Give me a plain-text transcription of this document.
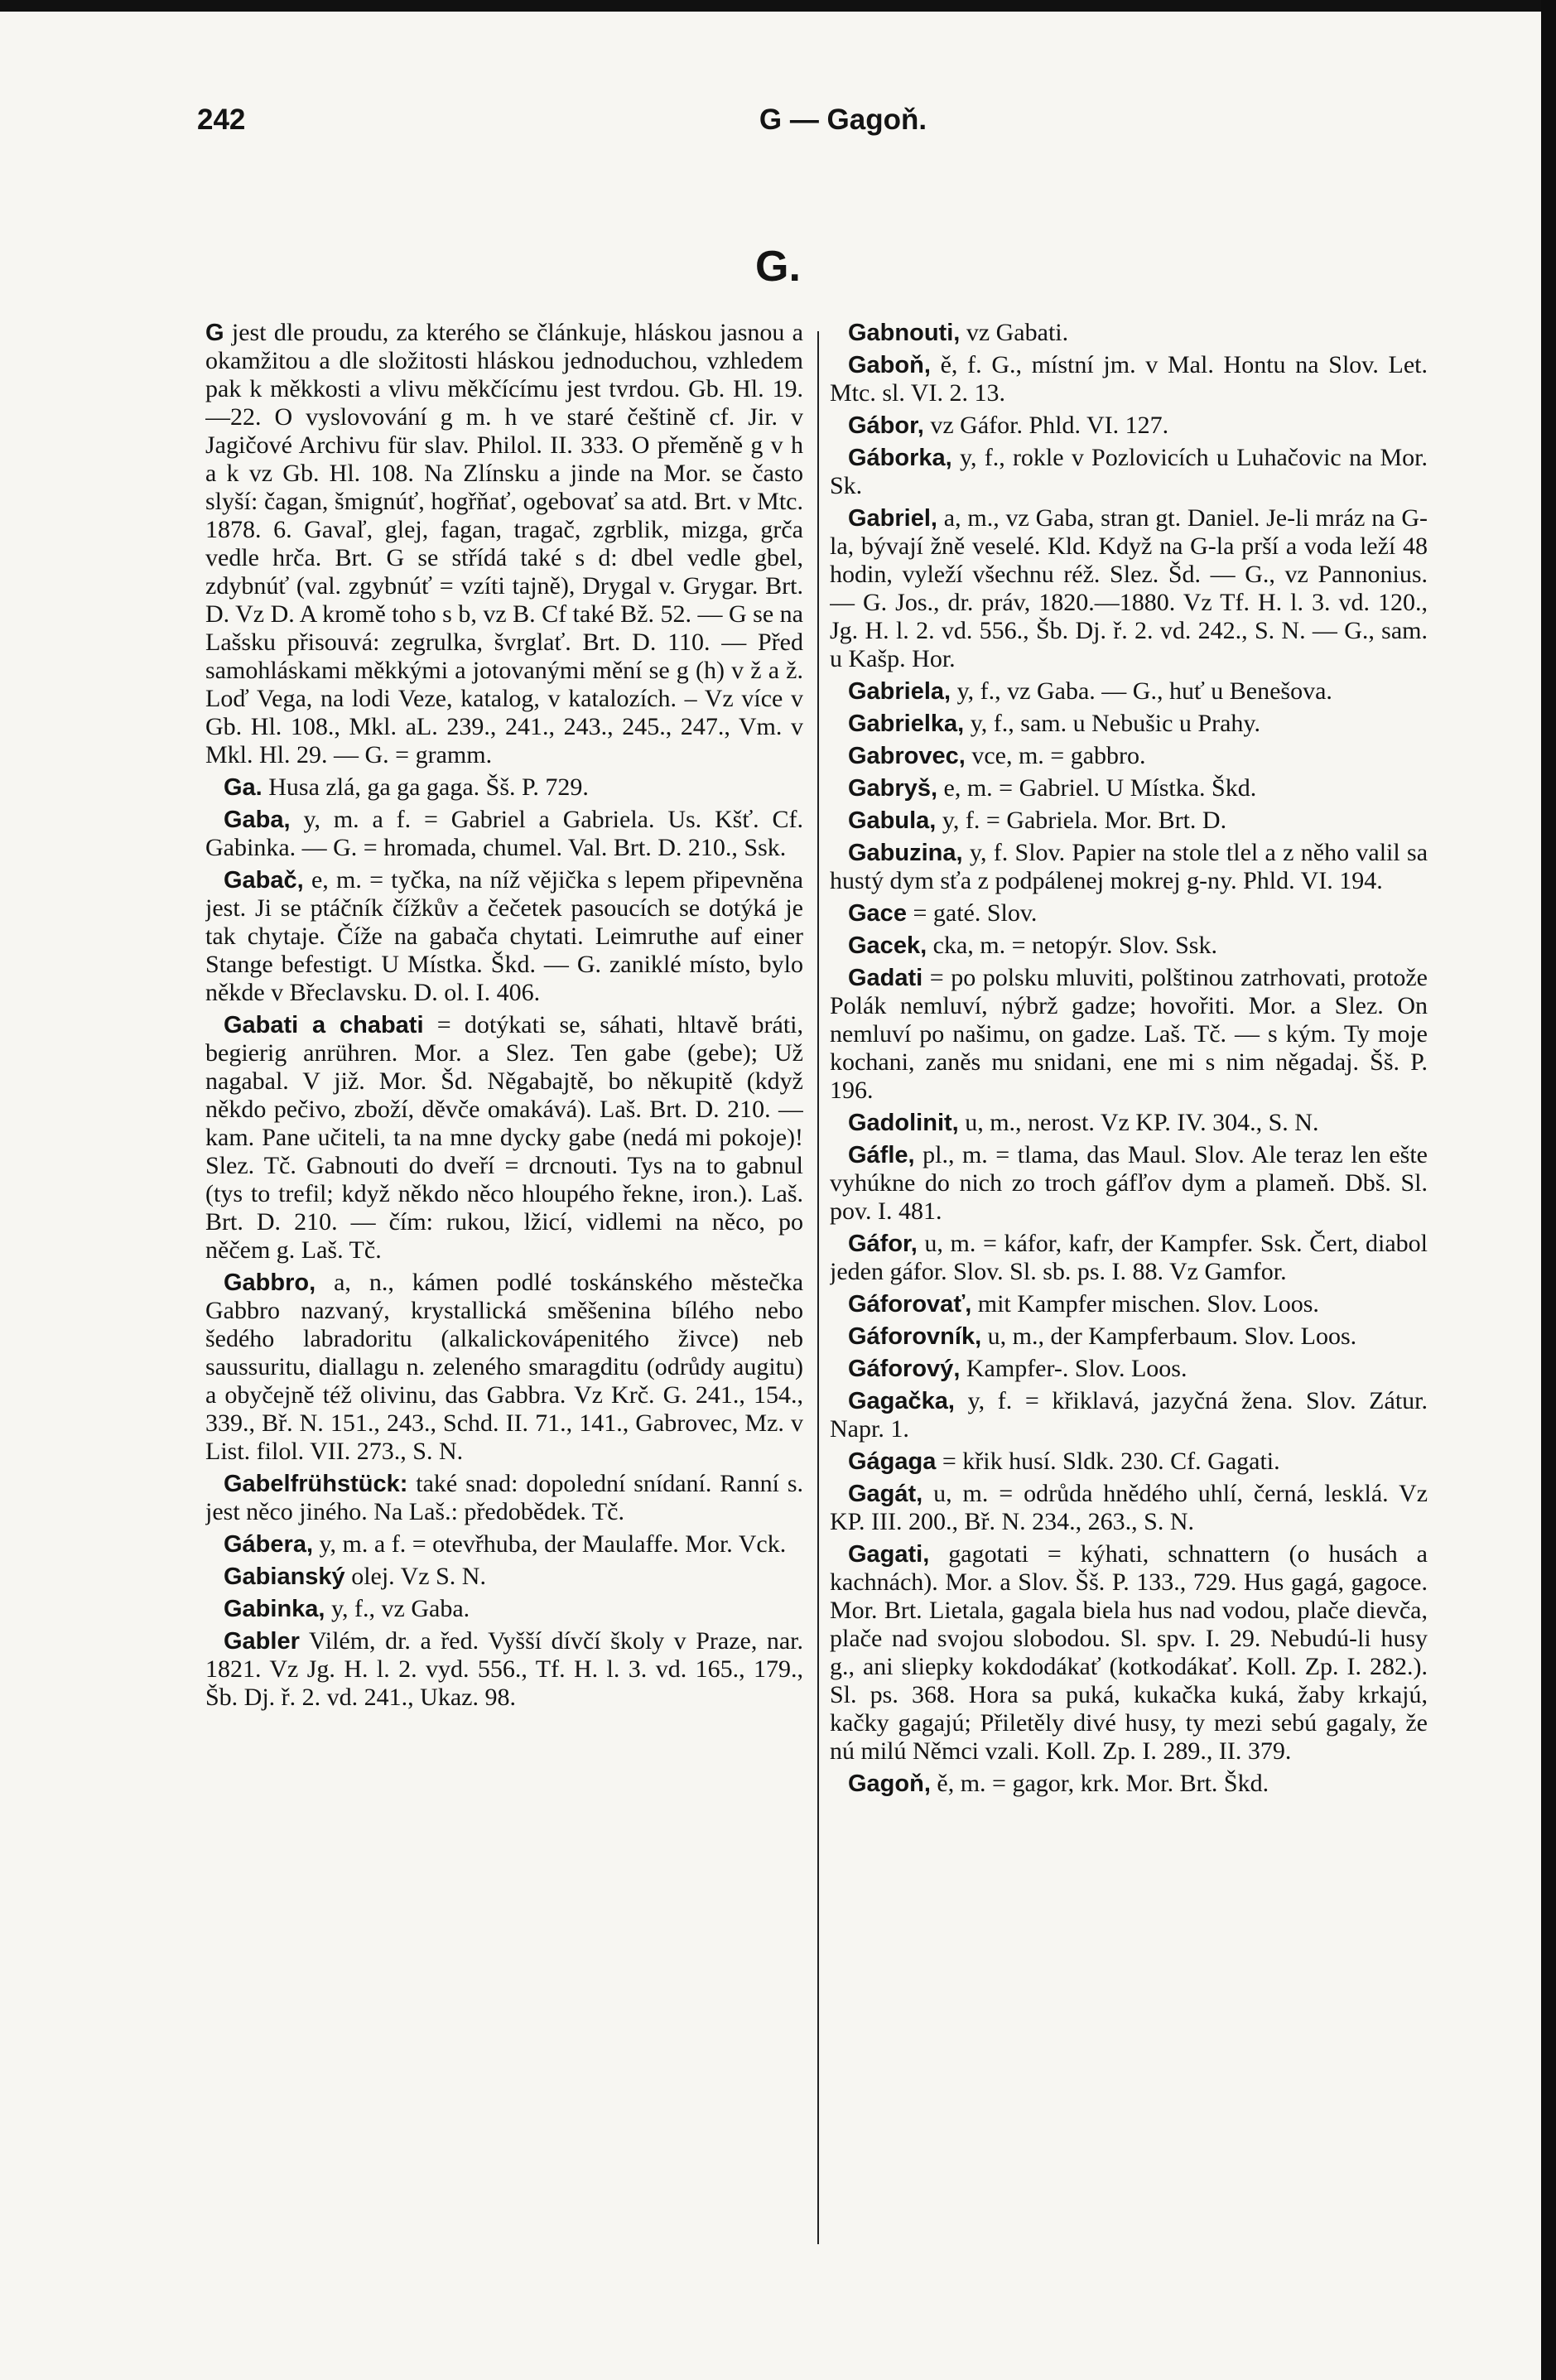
242	G — Gagoň.
G.

G jest dle proudu, za kterého se článkuje, hláskou jasnou a okamžitou a dle složitosti hláskou jednoduchou, vzhledem pak k měkkosti a vlivu měkčícímu jest tvrdou. Gb. Hl. 19.—22. O vyslovování g m. h ve staré češtině cf. Jir. v Jagičové Archivu für slav. Philol. II. 333. O přeměně g v h a k vz Gb. Hl. 108. Na Zlínsku a jinde na Mor. se často slyší: čagan, šmignúť, hogřňať, ogebovať sa atd. Brt. v Mtc. 1878. 6. Gavaľ, glej, fagan, tragač, zgrblik, mizga, grča vedle hrča. Brt. G se střídá také s d: dbel vedle gbel, zdybnúť (val. zgybnúť = vzíti tajně), Drygal v. Grygar. Brt. D. Vz D. A kromě toho s b, vz B. Cf také Bž. 52. — G se na Lašsku přisouvá: zegrulka, švrglať. Brt. D. 110. — Před samohláskami měkkými a jotovanými mění se g (h) v ž a ž. Loď Vega, na lodi Veze, katalog, v katalozích. – Vz více v Gb. Hl. 108., Mkl. aL. 239., 241., 243., 245., 247., Vm. v Mkl. Hl. 29. — G. = gramm.

Ga. Husa zlá, ga ga gaga. Šš. P. 729.

Gaba, y, m. a f. = Gabriel a Gabriela. Us. Kšť. Cf. Gabinka. — G. = hromada, chumel. Val. Brt. D. 210., Ssk.

Gabač, e, m. = tyčka, na níž vějička s lepem připevněna jest. Ji se ptáčník čížkův a čečetek pasoucích se dotýká je tak chytaje. Číže na gabača chytati. Leimruthe auf einer Stange befestigt. U Místka. Škd. — G. zaniklé místo, bylo někde v Břeclavsku. D. ol. I. 406.

Gabati a chabati = dotýkati se, sáhati, hltavě bráti, begierig anrühren. Mor. a Slez. Ten gabe (gebe); Už nagabal. V již. Mor. Šd. Něgabajtě, bo někupitě (když někdo pečivo, zboží, děvče omakává). Laš. Brt. D. 210. — kam. Pane učiteli, ta na mne dycky gabe (nedá mi pokoje)! Slez. Tč. Gabnouti do dveří = drcnouti. Tys na to gabnul (tys to trefil; když někdo něco hloupého řekne, iron.). Laš. Brt. D. 210. — čím: rukou, lžicí, vidlemi na něco, po něčem g. Laš. Tč.

Gabbro, a, n., kámen podlé toskánského městečka Gabbro nazvaný, krystallická směšenina bílého nebo šedého labradoritu (alkalickovápenitého živce) neb saussuritu, diallagu n. zeleného smaragditu (odrůdy augitu) a obyčejně též olivinu, das Gabbra. Vz Krč. G. 241., 154., 339., Bř. N. 151., 243., Schd. II. 71., 141., Gabrovec, Mz. v List. filol. VII. 273., S. N.

Gabelfrühstück: také snad: dopolední snídaní. Ranní s. jest něco jiného. Na Laš.: předobědek. Tč.

Gábera, y, m. a f. = otevřhuba, der Maulaffe. Mor. Vck.

Gabianský olej. Vz S. N.

Gabinka, y, f., vz Gaba.

Gabler Vilém, dr. a řed. Vyšší dívčí školy v Praze, nar. 1821. Vz Jg. H. l. 2. vyd. 556., Tf. H. l. 3. vd. 165., 179., Šb. Dj. ř. 2. vd. 241., Ukaz. 98.

Gabnouti, vz Gabati.

Gaboň, ě, f. G., místní jm. v Mal. Hontu na Slov. Let. Mtc. sl. VI. 2. 13.

Gábor, vz Gáfor. Phld. VI. 127.

Gáborka, y, f., rokle v Pozlovicích u Luhačovic na Mor. Sk.

Gabriel, a, m., vz Gaba, stran gt. Daniel. Je-li mráz na G-la, bývají žně veselé. Kld. Když na G-la prší a voda leží 48 hodin, vyleží všechnu réž. Slez. Šd. — G., vz Pannonius. — G. Jos., dr. práv, 1820.—1880. Vz Tf. H. l. 3. vd. 120., Jg. H. l. 2. vd. 556., Šb. Dj. ř. 2. vd. 242., S. N. — G., sam. u Kašp. Hor.

Gabriela, y, f., vz Gaba. — G., huť u Benešova.

Gabrielka, y, f., sam. u Nebušic u Prahy.

Gabrovec, vce, m. = gabbro.

Gabryš, e, m. = Gabriel. U Místka. Škd.

Gabula, y, f. = Gabriela. Mor. Brt. D.

Gabuzina, y, f. Slov. Papier na stole tlel a z něho valil sa hustý dym sťa z podpálenej mokrej g-ny. Phld. VI. 194.

Gace = gaté. Slov.

Gacek, cka, m. = netopýr. Slov. Ssk.

Gadati = po polsku mluviti, polštinou zatrhovati, protože Polák nemluví, nýbrž gadze; hovořiti. Mor. a Slez. On nemluví po našimu, on gadze. Laš. Tč. — s kým. Ty moje kochani, zaněs mu snidani, ene mi s nim něgadaj. Šš. P. 196.

Gadolinit, u, m., nerost. Vz KP. IV. 304., S. N.

Gáfle, pl., m. = tlama, das Maul. Slov. Ale teraz len ešte vyhúkne do nich zo troch gáfľov dym a plameň. Dbš. Sl. pov. I. 481.

Gáfor, u, m. = káfor, kafr, der Kampfer. Ssk. Čert, diabol jeden gáfor. Slov. Sl. sb. ps. I. 88. Vz Gamfor.

Gáforovať, mit Kampfer mischen. Slov. Loos.

Gáforovník, u, m., der Kampferbaum. Slov. Loos.

Gáforový, Kampfer-. Slov. Loos.

Gagačka, y, f. = křiklavá, jazyčná žena. Slov. Zátur. Napr. 1.

Gágaga = křik husí. Sldk. 230. Cf. Gagati.

Gagát, u, m. = odrůda hnědého uhlí, černá, lesklá. Vz KP. III. 200., Bř. N. 234., 263., S. N.

Gagati, gagotati = kýhati, schnattern (o husách a kachnách). Mor. a Slov. Šš. P. 133., 729. Hus gagá, gagoce. Mor. Brt. Lietala, gagala biela hus nad vodou, plače dievča, plače nad svojou slobodou. Sl. spv. I. 29. Nebudú-li husy g., ani sliepky kokdodákať (kotkodákať. Koll. Zp. I. 282.). Sl. ps. 368. Hora sa puká, kukačka kuká, žaby krkajú, kačky gagajú; Přiletěly divé husy, ty mezi sebú gagaly, že nú milú Němci vzali. Koll. Zp. I. 289., II. 379.

Gagoň, ě, m. = gagor, krk. Mor. Brt. Škd.
